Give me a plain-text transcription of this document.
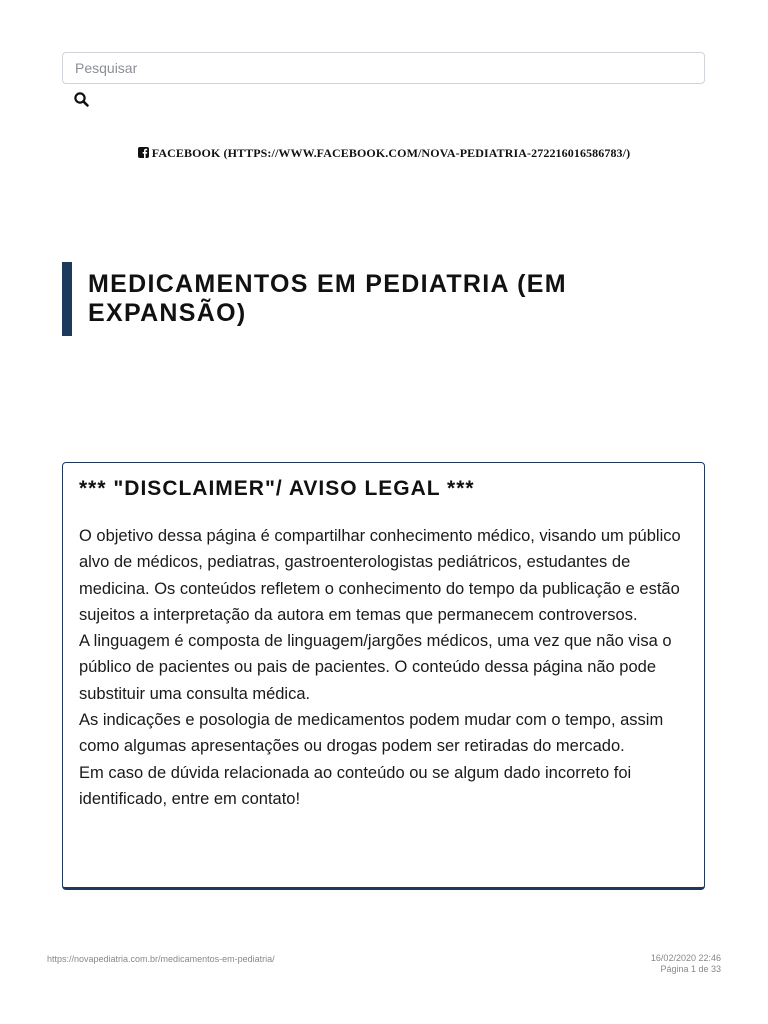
Pesquisar
FACEBOOK (HTTPS://WWW.FACEBOOK.COM/NOVA-PEDIATRIA-272216016586783/)
MEDICAMENTOS EM PEDIATRIA (EM EXPANSÃO)
*** "DISCLAIMER"/ AVISO LEGAL ***

O objetivo dessa página é compartilhar conhecimento médico, visando um público alvo de médicos, pediatras, gastroenterologistas pediátricos, estudantes de medicina. Os conteúdos refletem o conhecimento do tempo da publicação e estão sujeitos a interpretação da autora em temas que permanecem controversos.

A linguagem é composta de linguagem/jargões médicos, uma vez que não visa o público de pacientes ou pais de pacientes. O conteúdo dessa página não pode substituir uma consulta médica.

As indicações e posologia de medicamentos podem mudar com o tempo, assim como algumas apresentações ou drogas podem ser retiradas do mercado.

Em caso de dúvida relacionada ao conteúdo ou se algum dado incorreto foi identificado, entre em contato!

https://novapediatria.com.br/medicamentos-em-pediatria/	16/02/2020 22:46
Página 1 de 33
